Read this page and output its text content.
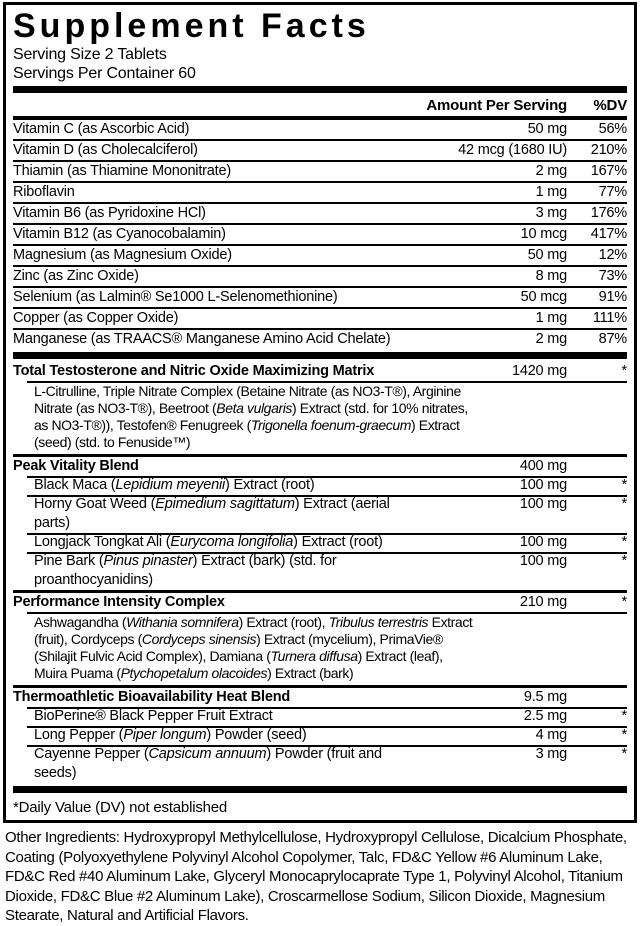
Supplement Facts
Serving Size 2 Tablets
Servings Per Container 60
Amount Per Serving	%DV
Vitamin C (as Ascorbic Acid)	50 mg	56%
Vitamin D (as Cholecalciferol)	42 mcg (1680 IU)	210%
Thiamin (as Thiamine Mononitrate)	2 mg	167%
Riboflavin	1 mg	77%
Vitamin B6 (as Pyridoxine HCl)	3 mg	176%
Vitamin B12 (as Cyanocobalamin)	10 mcg	417%
Magnesium (as Magnesium Oxide)	50 mg	12%
Zinc (as Zinc Oxide)	8 mg	73%
Selenium (as Lalmin® Se1000 L-Selenomethionine)	50 mcg	91%
Copper (as Copper Oxide)	1 mg	111%
Manganese (as TRAACS® Manganese Amino Acid Chelate)	2 mg	87%
Total Testosterone and Nitric Oxide Maximizing Matrix	1420 mg	*
L-Citrulline, Triple Nitrate Complex (Betaine Nitrate (as NO3-T®), Arginine Nitrate (as NO3-T®), Beetroot (Beta vulgaris) Extract (std. for 10% nitrates, as NO3-T®)), Testofen® Fenugreek (Trigonella foenum-graecum) Extract (seed) (std. to Fenuside™)
Peak Vitality Blend	400 mg
Black Maca (Lepidium meyenii) Extract (root)	100 mg	*
Horny Goat Weed (Epimedium sagittatum) Extract (aerial parts)
100 mg	*
Longjack Tongkat Ali (Eurycoma longifolia) Extract (root)	100 mg	*
Pine Bark (Pinus pinaster) Extract (bark) (std. for proanthocyanidins)
100 mg	*
Performance Intensity Complex	210 mg	*
Ashwagandha (Withania somnifera) Extract (root), Tribulus terrestris Extract (fruit), Cordyceps (Cordyceps sinensis) Extract (mycelium), PrimaVie® (Shilajit Fulvic Acid Complex), Damiana (Turnera diffusa) Extract (leaf), Muira Puama (Ptychopetalum olacoides) Extract (bark)
Thermoathletic Bioavailability Heat Blend	9.5 mg
BioPerine® Black Pepper Fruit Extract	2.5 mg	*
Long Pepper (Piper longum) Powder (seed)	4 mg	*
Cayenne Pepper (Capsicum annuum) Powder (fruit and seeds)
3 mg	*
*Daily Value (DV) not established

Other Ingredients: Hydroxypropyl Methylcellulose, Hydroxypropyl Cellulose, Dicalcium Phosphate, Coating (Polyoxyethylene Polyvinyl Alcohol Copolymer, Talc, FD&C Yellow #6 Aluminum Lake, FD&C Red #40 Aluminum Lake, Glyceryl Monocaprylocaprate Type 1, Polyvinyl Alcohol, Titanium Dioxide, FD&C Blue #2 Aluminum Lake), Croscarmellose Sodium, Silicon Dioxide, Magnesium Stearate, Natural and Artificial Flavors.
